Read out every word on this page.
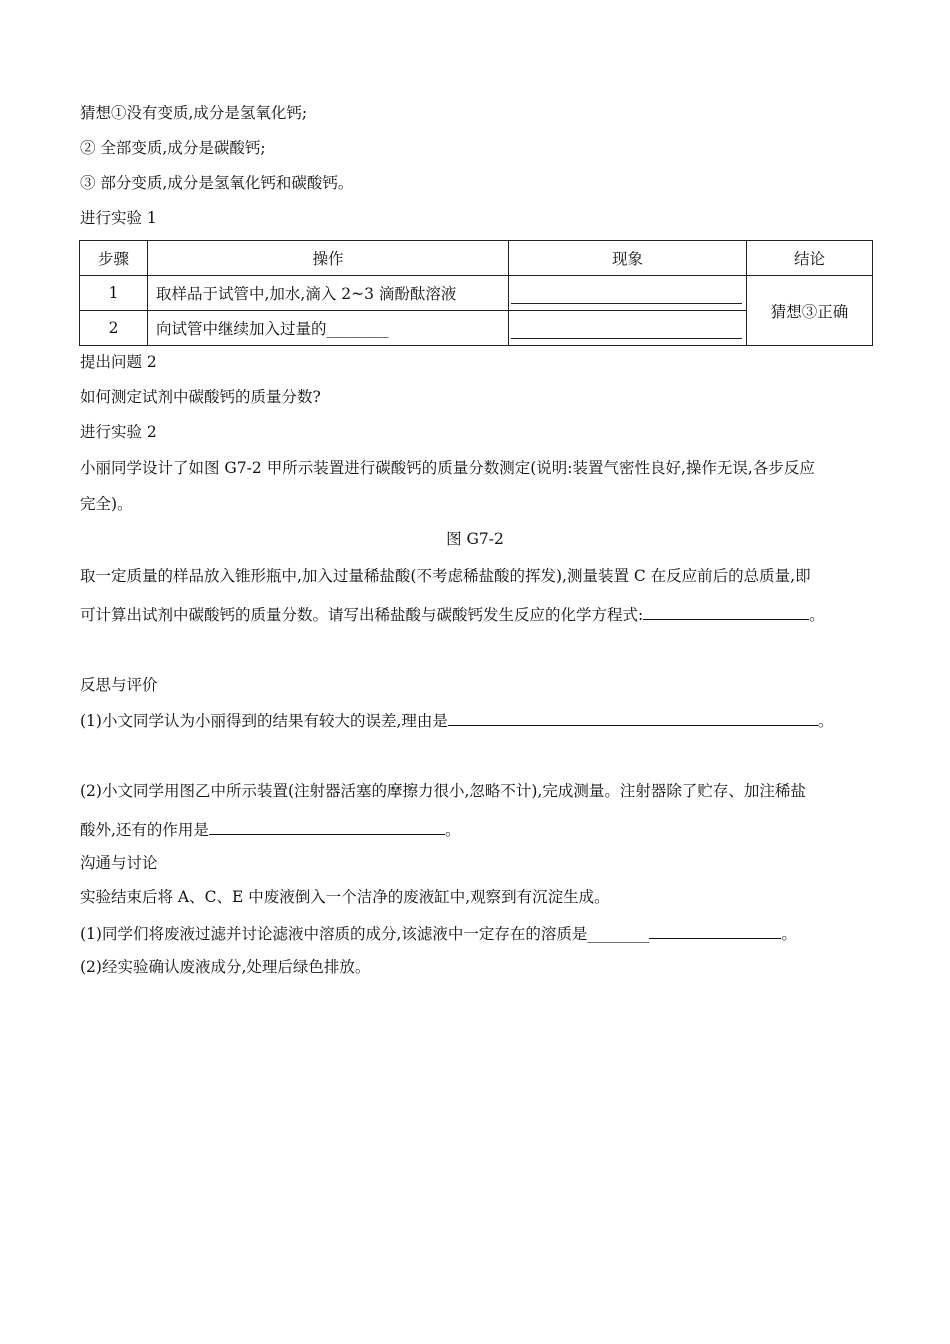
猜想①没有变质,成分是氢氧化钙;
② 全部变质,成分是碳酸钙;
③ 部分变质,成分是氢氧化钙和碳酸钙。
进行实验 1
步骤	操作	现象	结论
1	取样品于试管中,加水,滴入 2~3 滴酚酞溶液		猜想③正确
2	向试管中继续加入过量的________		
提出问题 2
如何测定试剂中碳酸钙的质量分数?
进行实验 2
小丽同学设计了如图 G7-2 甲所示装置进行碳酸钙的质量分数测定(说明:装置气密性良好,操作无误,各步反应
完全)。
图 G7-2
取一定质量的样品放入锥形瓶中,加入过量稀盐酸(不考虑稀盐酸的挥发),测量装置 C 在反应前后的总质量,即
可计算出试剂中碳酸钙的质量分数。请写出稀盐酸与碳酸钙发生反应的化学方程式:	。
反思与评价
(1)小文同学认为小丽得到的结果有较大的误差,理由是	。
(2)小文同学用图乙中所示装置(注射器活塞的摩擦力很小,忽略不计),完成测量。注射器除了贮存、加注稀盐
酸外,还有的作用是	。
沟通与讨论
实验结束后将 A、C、E 中废液倒入一个洁净的废液缸中,观察到有沉淀生成。
(1)同学们将废液过滤并讨论滤液中溶质的成分,该滤液中一定存在的溶质是________	。
(2)经实验确认废液成分,处理后绿色排放。
